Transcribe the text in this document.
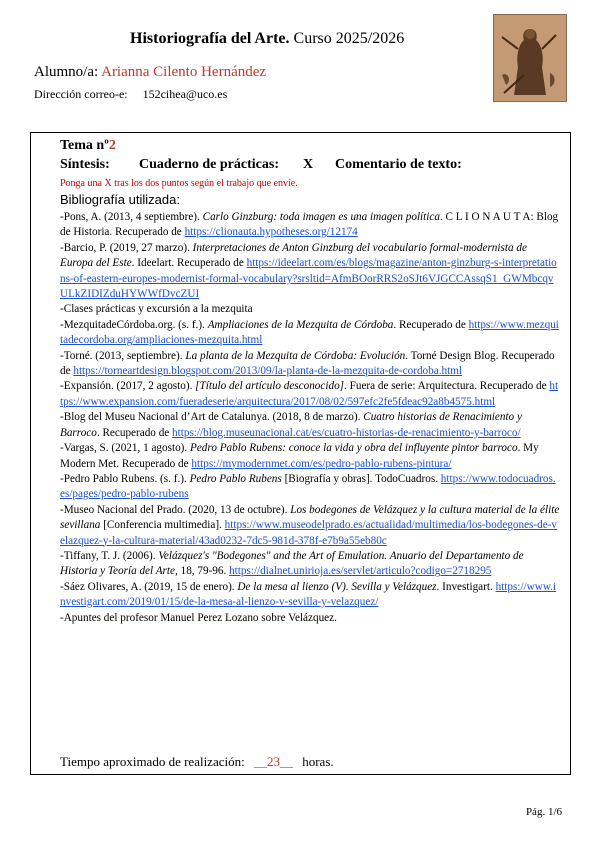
Historiografía del Arte. Curso 2025/2026
Alumno/a: Arianna Cilento Hernández
Dirección correo-e: 152cihea@uco.es
Tema nº2
Síntesis: Cuaderno de prácticas: X Comentario de texto:
Ponga una X tras los dos puntos según el trabajo que envíe.
Bibliografía utilizada:

-Pons, A. (2013, 4 septiembre). Carlo Ginzburg: toda imagen es una imagen política. C L I O N A U T A: Blog de Historia. Recuperado de https://clionauta.hypotheses.org/12174

-Barcio, P. (2019, 27 marzo). Interpretaciones de Anton Ginzburg del vocabulario formal-modernista de Europa del Este. Ideelart. Recuperado de https://ideelart.com/es/blogs/magazine/anton-ginzburg-s-interpretations-of-eastern-europes-modernist-formal-vocabulary?srsltid=AfmBOorRRS2oSJt6VJGCCAssqS1_GWMbcqvULkZIDIZduHYWWfDvcZUI

-Clases prácticas y excursión a la mezquita

-MezquitadeCórdoba.org. (s. f.). Ampliaciones de la Mezquita de Córdoba. Recuperado de https://www.mezquitadecordoba.org/ampliaciones-mezquita.html

-Torné. (2013, septiembre). La planta de la Mezquita de Córdoba: Evolución. Torné Design Blog. Recuperado de https://torneartdesign.blogspot.com/2013/09/la-planta-de-la-mezquita-de-cordoba.html

-Expansión. (2017, 2 agosto). [Título del artículo desconocido]. Fuera de serie: Arquitectura. Recuperado de https://www.expansion.com/fueradeserie/arquitectura/2017/08/02/597efc2fe5fdeac92a8b4575.html

-Blog del Museu Nacional d’Art de Catalunya. (2018, 8 de marzo). Cuatro historias de Renacimiento y Barroco. Recuperado de https://blog.museunacional.cat/es/cuatro-historias-de-renacimiento-y-barroco/

-Vargas, S. (2021, 1 agosto). Pedro Pablo Rubens: conoce la vida y obra del influyente pintor barroco. My Modern Met. Recuperado de https://mymodernmet.com/es/pedro-pablo-rubens-pintura/

-Pedro Pablo Rubens. (s. f.). Pedro Pablo Rubens [Biografía y obras]. TodoCuadros. https://www.todocuadros.es/pages/pedro-pablo-rubens

-Museo Nacional del Prado. (2020, 13 de octubre). Los bodegones de Velázquez y la cultura material de la élite sevillana [Conferencia multimedia]. https://www.museodelprado.es/actualidad/multimedia/los-bodegones-de-velazquez-y-la-cultura-material/43ad0232-7dc5-981d-378f-e7b9a55eb80c

-Tiffany, T. J. (2006). Velázquez's "Bodegones" and the Art of Emulation. Anuario del Departamento de Historia y Teoría del Arte, 18, 79-96. https://dialnet.unirioja.es/servlet/articulo?codigo=2718295

-Sáez Olivares, A. (2019, 15 de enero). De la mesa al lienzo (V). Sevilla y Velázquez. Investigart. https://www.investigart.com/2019/01/15/de-la-mesa-al-lienzo-v-sevilla-y-velazquez/

-Apuntes del profesor Manuel Perez Lozano sobre Velázquez.

Tiempo aproximado de realización: __23__ horas.
Pág. 1/6
